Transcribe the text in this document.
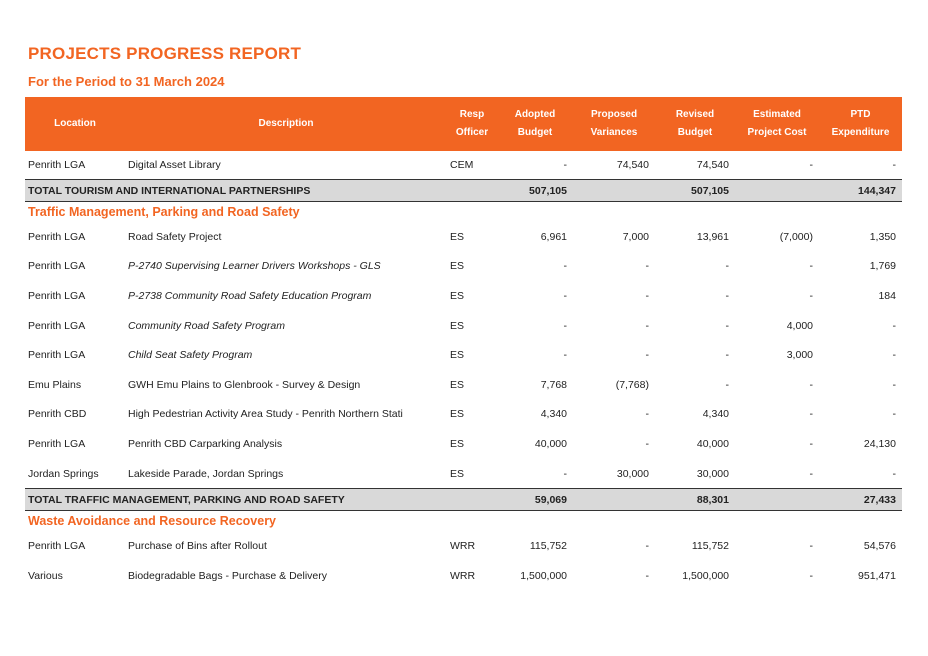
PROJECTS PROGRESS REPORT
For the Period to 31 March 2024
Location	Description	Resp Officer	Adopted Budget	Proposed Variances	Revised Budget	Estimated Project Cost	PTD Expenditure
Penrith LGA	Digital Asset Library	CEM	-	74,540	74,540	-	-
TOTAL TOURISM AND INTERNATIONAL PARTNERSHIPS			507,105		507,105		144,347
Traffic Management, Parking and Road Safety							
Penrith LGA	Road Safety Project	ES	6,961	7,000	13,961	(7,000)	1,350
Penrith LGA	P-2740 Supervising Learner Drivers Workshops - GLS	ES	-	-	-	-	1,769
Penrith LGA	P-2738 Community Road Safety Education Program	ES	-	-	-	-	184
Penrith LGA	Community Road Safety Program	ES	-	-	-	4,000	-
Penrith LGA	Child Seat Safety Program	ES	-	-	-	3,000	-
Emu Plains	GWH Emu Plains to Glenbrook - Survey & Design	ES	7,768	(7,768)	-	-	-
Penrith CBD	High Pedestrian Activity Area Study - Penrith Northern Stati	ES	4,340	-	4,340	-	-
Penrith LGA	Penrith CBD Carparking Analysis	ES	40,000	-	40,000	-	24,130
Jordan Springs	Lakeside Parade, Jordan Springs	ES	-	30,000	30,000	-	-
TOTAL TRAFFIC MANAGEMENT, PARKING AND ROAD SAFETY			59,069		88,301		27,433
Waste Avoidance and Resource Recovery							
Penrith LGA	Purchase of Bins after Rollout	WRR	115,752	-	115,752	-	54,576
Various	Biodegradable Bags - Purchase & Delivery	WRR	1,500,000	-	1,500,000	-	951,471
